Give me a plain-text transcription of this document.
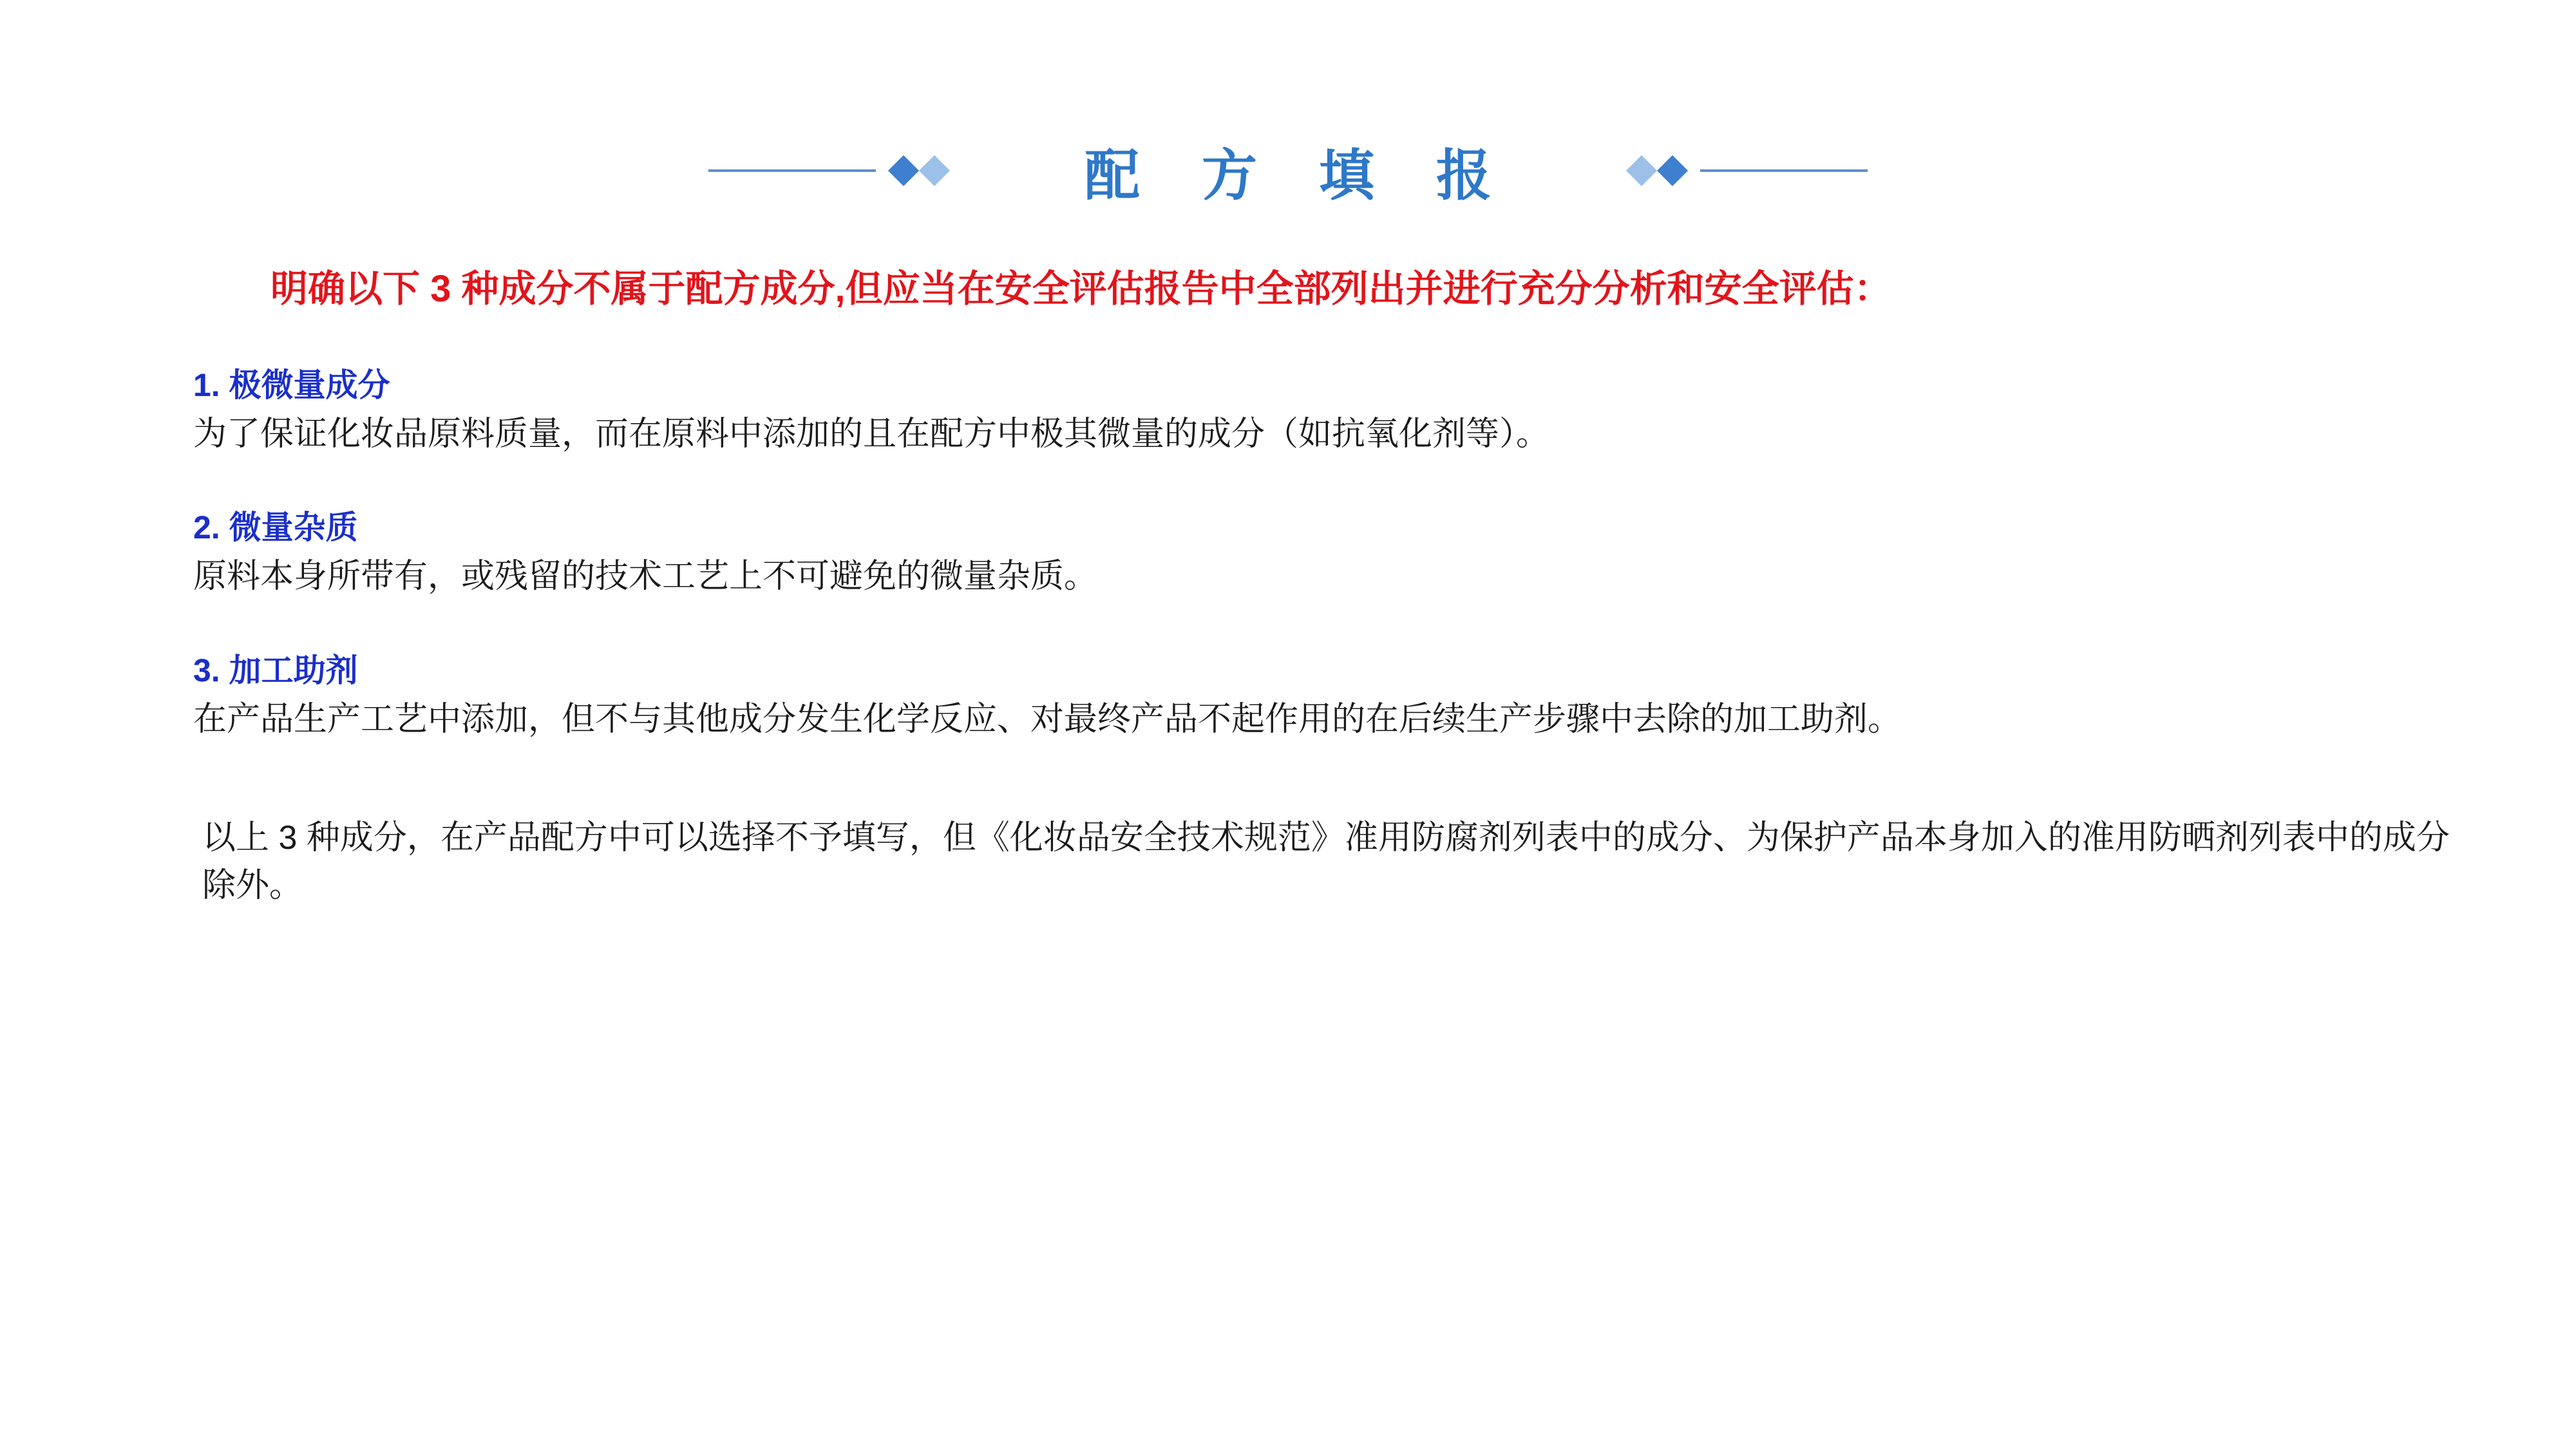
配方填报

明确以下 3 种成分不属于配方成分,但应当在安全评估报告中全部列出并进行充分分析和安全评估：

1. 极微量成分

为了保证化妆品原料质量，而在原料中添加的且在配方中极其微量的成分（如抗氧化剂等）。

2. 微量杂质

原料本身所带有，或残留的技术工艺上不可避免的微量杂质。

3. 加工助剂

在产品生产工艺中添加，但不与其他成分发生化学反应、对最终产品不起作用的在后续生产步骤中去除的加工助剂。

以上 3 种成分，在产品配方中可以选择不予填写，但《化妆品安全技术规范》准用防腐剂列表中的成分、为保护产品本身加入的准用防晒剂列表中的成分除外。
